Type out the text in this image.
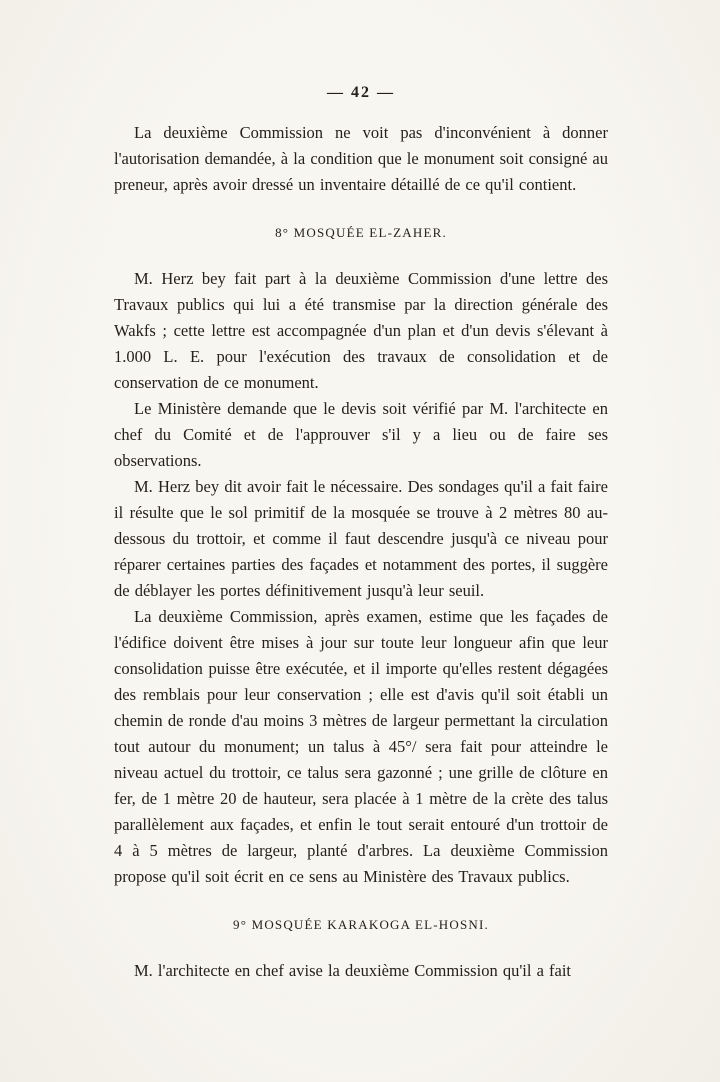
— 42 —

La deuxième Commission ne voit pas d'inconvénient à donner l'autorisation demandée, à la condition que le monument soit consigné au preneur, après avoir dressé un inventaire détaillé de ce qu'il contient.

8° MOSQUÉE EL-ZAHER.

M. Herz bey fait part à la deuxième Commission d'une lettre des Travaux publics qui lui a été transmise par la direction générale des Wakfs ; cette lettre est accompagnée d'un plan et d'un devis s'élevant à 1.000 L. E. pour l'exécution des travaux de consolidation et de conservation de ce monument.

Le Ministère demande que le devis soit vérifié par M. l'architecte en chef du Comité et de l'approuver s'il y a lieu ou de faire ses observations.

M. Herz bey dit avoir fait le nécessaire. Des sondages qu'il a fait faire il résulte que le sol primitif de la mosquée se trouve à 2 mètres 80 au-dessous du trottoir, et comme il faut descendre jusqu'à ce niveau pour réparer certaines parties des façades et notamment des portes, il suggère de déblayer les portes définitivement jusqu'à leur seuil.

La deuxième Commission, après examen, estime que les façades de l'édifice doivent être mises à jour sur toute leur longueur afin que leur consolidation puisse être exécutée, et il importe qu'elles restent dégagées des remblais pour leur conservation ; elle est d'avis qu'il soit établi un chemin de ronde d'au moins 3 mètres de largeur permettant la circulation tout autour du monument; un talus à 45°/ sera fait pour atteindre le niveau actuel du trottoir, ce talus sera gazonné ; une grille de clôture en fer, de 1 mètre 20 de hauteur, sera placée à 1 mètre de la crète des talus parallèlement aux façades, et enfin le tout serait entouré d'un trottoir de 4 à 5 mètres de largeur, planté d'arbres. La deuxième Commission propose qu'il soit écrit en ce sens au Ministère des Travaux publics.

9° MOSQUÉE KARAKOGA EL-HOSNI.

M. l'architecte en chef avise la deuxième Commission qu'il a fait
